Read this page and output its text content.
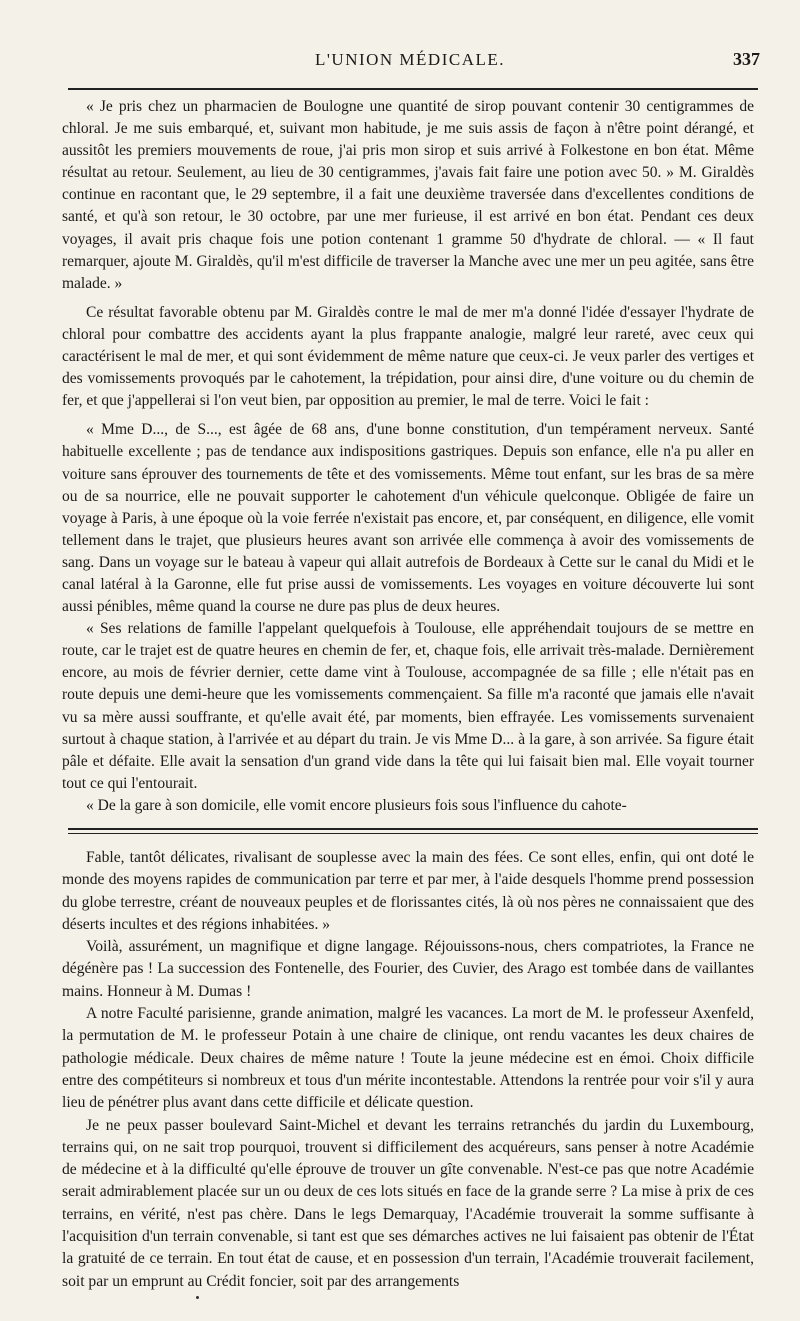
L'UNION MÉDICALE.	337

« Je pris chez un pharmacien de Boulogne une quantité de sirop pouvant contenir 30 centigrammes de chloral. Je me suis embarqué, et, suivant mon habitude, je me suis assis de façon à n'être point dérangé, et aussitôt les premiers mouvements de roue, j'ai pris mon sirop et suis arrivé à Folkestone en bon état. Même résultat au retour. Seulement, au lieu de 30 centigrammes, j'avais fait faire une potion avec 50. » M. Giraldès continue en racontant que, le 29 septembre, il a fait une deuxième traversée dans d'excellentes conditions de santé, et qu'à son retour, le 30 octobre, par une mer furieuse, il est arrivé en bon état. Pendant ces deux voyages, il avait pris chaque fois une potion contenant 1 gramme 50 d'hydrate de chloral. — « Il faut remarquer, ajoute M. Giraldès, qu'il m'est difficile de traverser la Manche avec une mer un peu agitée, sans être malade. »

Ce résultat favorable obtenu par M. Giraldès contre le mal de mer m'a donné l'idée d'essayer l'hydrate de chloral pour combattre des accidents ayant la plus frappante analogie, malgré leur rareté, avec ceux qui caractérisent le mal de mer, et qui sont évidemment de même nature que ceux-ci. Je veux parler des vertiges et des vomissements provoqués par le cahotement, la trépidation, pour ainsi dire, d'une voiture ou du chemin de fer, et que j'appellerai si l'on veut bien, par opposition au premier, le mal de terre. Voici le fait :

« Mme D..., de S..., est âgée de 68 ans, d'une bonne constitution, d'un tempérament nerveux. Santé habituelle excellente ; pas de tendance aux indispositions gastriques. Depuis son enfance, elle n'a pu aller en voiture sans éprouver des tournements de tête et des vomissements. Même tout enfant, sur les bras de sa mère ou de sa nourrice, elle ne pouvait supporter le cahotement d'un véhicule quelconque. Obligée de faire un voyage à Paris, à une époque où la voie ferrée n'existait pas encore, et, par conséquent, en diligence, elle vomit tellement dans le trajet, que plusieurs heures avant son arrivée elle commença à avoir des vomissements de sang. Dans un voyage sur le bateau à vapeur qui allait autrefois de Bordeaux à Cette sur le canal du Midi et le canal latéral à la Garonne, elle fut prise aussi de vomissements. Les voyages en voiture découverte lui sont aussi pénibles, même quand la course ne dure pas plus de deux heures.

« Ses relations de famille l'appelant quelquefois à Toulouse, elle appréhendait toujours de se mettre en route, car le trajet est de quatre heures en chemin de fer, et, chaque fois, elle arrivait très-malade. Dernièrement encore, au mois de février dernier, cette dame vint à Toulouse, accompagnée de sa fille ; elle n'était pas en route depuis une demi-heure que les vomissements commençaient. Sa fille m'a raconté que jamais elle n'avait vu sa mère aussi souffrante, et qu'elle avait été, par moments, bien effrayée. Les vomissements survenaient surtout à chaque station, à l'arrivée et au départ du train. Je vis Mme D... à la gare, à son arrivée. Sa figure était pâle et défaite. Elle avait la sensation d'un grand vide dans la tête qui lui faisait bien mal. Elle voyait tourner tout ce qui l'entourait.

« De la gare à son domicile, elle vomit encore plusieurs fois sous l'influence du cahote-

Fable, tantôt délicates, rivalisant de souplesse avec la main des fées. Ce sont elles, enfin, qui ont doté le monde des moyens rapides de communication par terre et par mer, à l'aide desquels l'homme prend possession du globe terrestre, créant de nouveaux peuples et de florissantes cités, là où nos pères ne connaissaient que des déserts incultes et des régions inhabitées. »

Voilà, assurément, un magnifique et digne langage. Réjouissons-nous, chers compatriotes, la France ne dégénère pas ! La succession des Fontenelle, des Fourier, des Cuvier, des Arago est tombée dans de vaillantes mains. Honneur à M. Dumas !

A notre Faculté parisienne, grande animation, malgré les vacances. La mort de M. le professeur Axenfeld, la permutation de M. le professeur Potain à une chaire de clinique, ont rendu vacantes les deux chaires de pathologie médicale. Deux chaires de même nature ! Toute la jeune médecine est en émoi. Choix difficile entre des compétiteurs si nombreux et tous d'un mérite incontestable. Attendons la rentrée pour voir s'il y aura lieu de pénétrer plus avant dans cette difficile et délicate question.

Je ne peux passer boulevard Saint-Michel et devant les terrains retranchés du jardin du Luxembourg, terrains qui, on ne sait trop pourquoi, trouvent si difficilement des acquéreurs, sans penser à notre Académie de médecine et à la difficulté qu'elle éprouve de trouver un gîte convenable. N'est-ce pas que notre Académie serait admirablement placée sur un ou deux de ces lots situés en face de la grande serre ? La mise à prix de ces terrains, en vérité, n'est pas chère. Dans le legs Demarquay, l'Académie trouverait la somme suffisante à l'acquisition d'un terrain convenable, si tant est que ses démarches actives ne lui faisaient pas obtenir de l'État la gratuité de ce terrain. En tout état de cause, et en possession d'un terrain, l'Académie trouverait facilement, soit par un emprunt au Crédit foncier, soit par des arrangements
